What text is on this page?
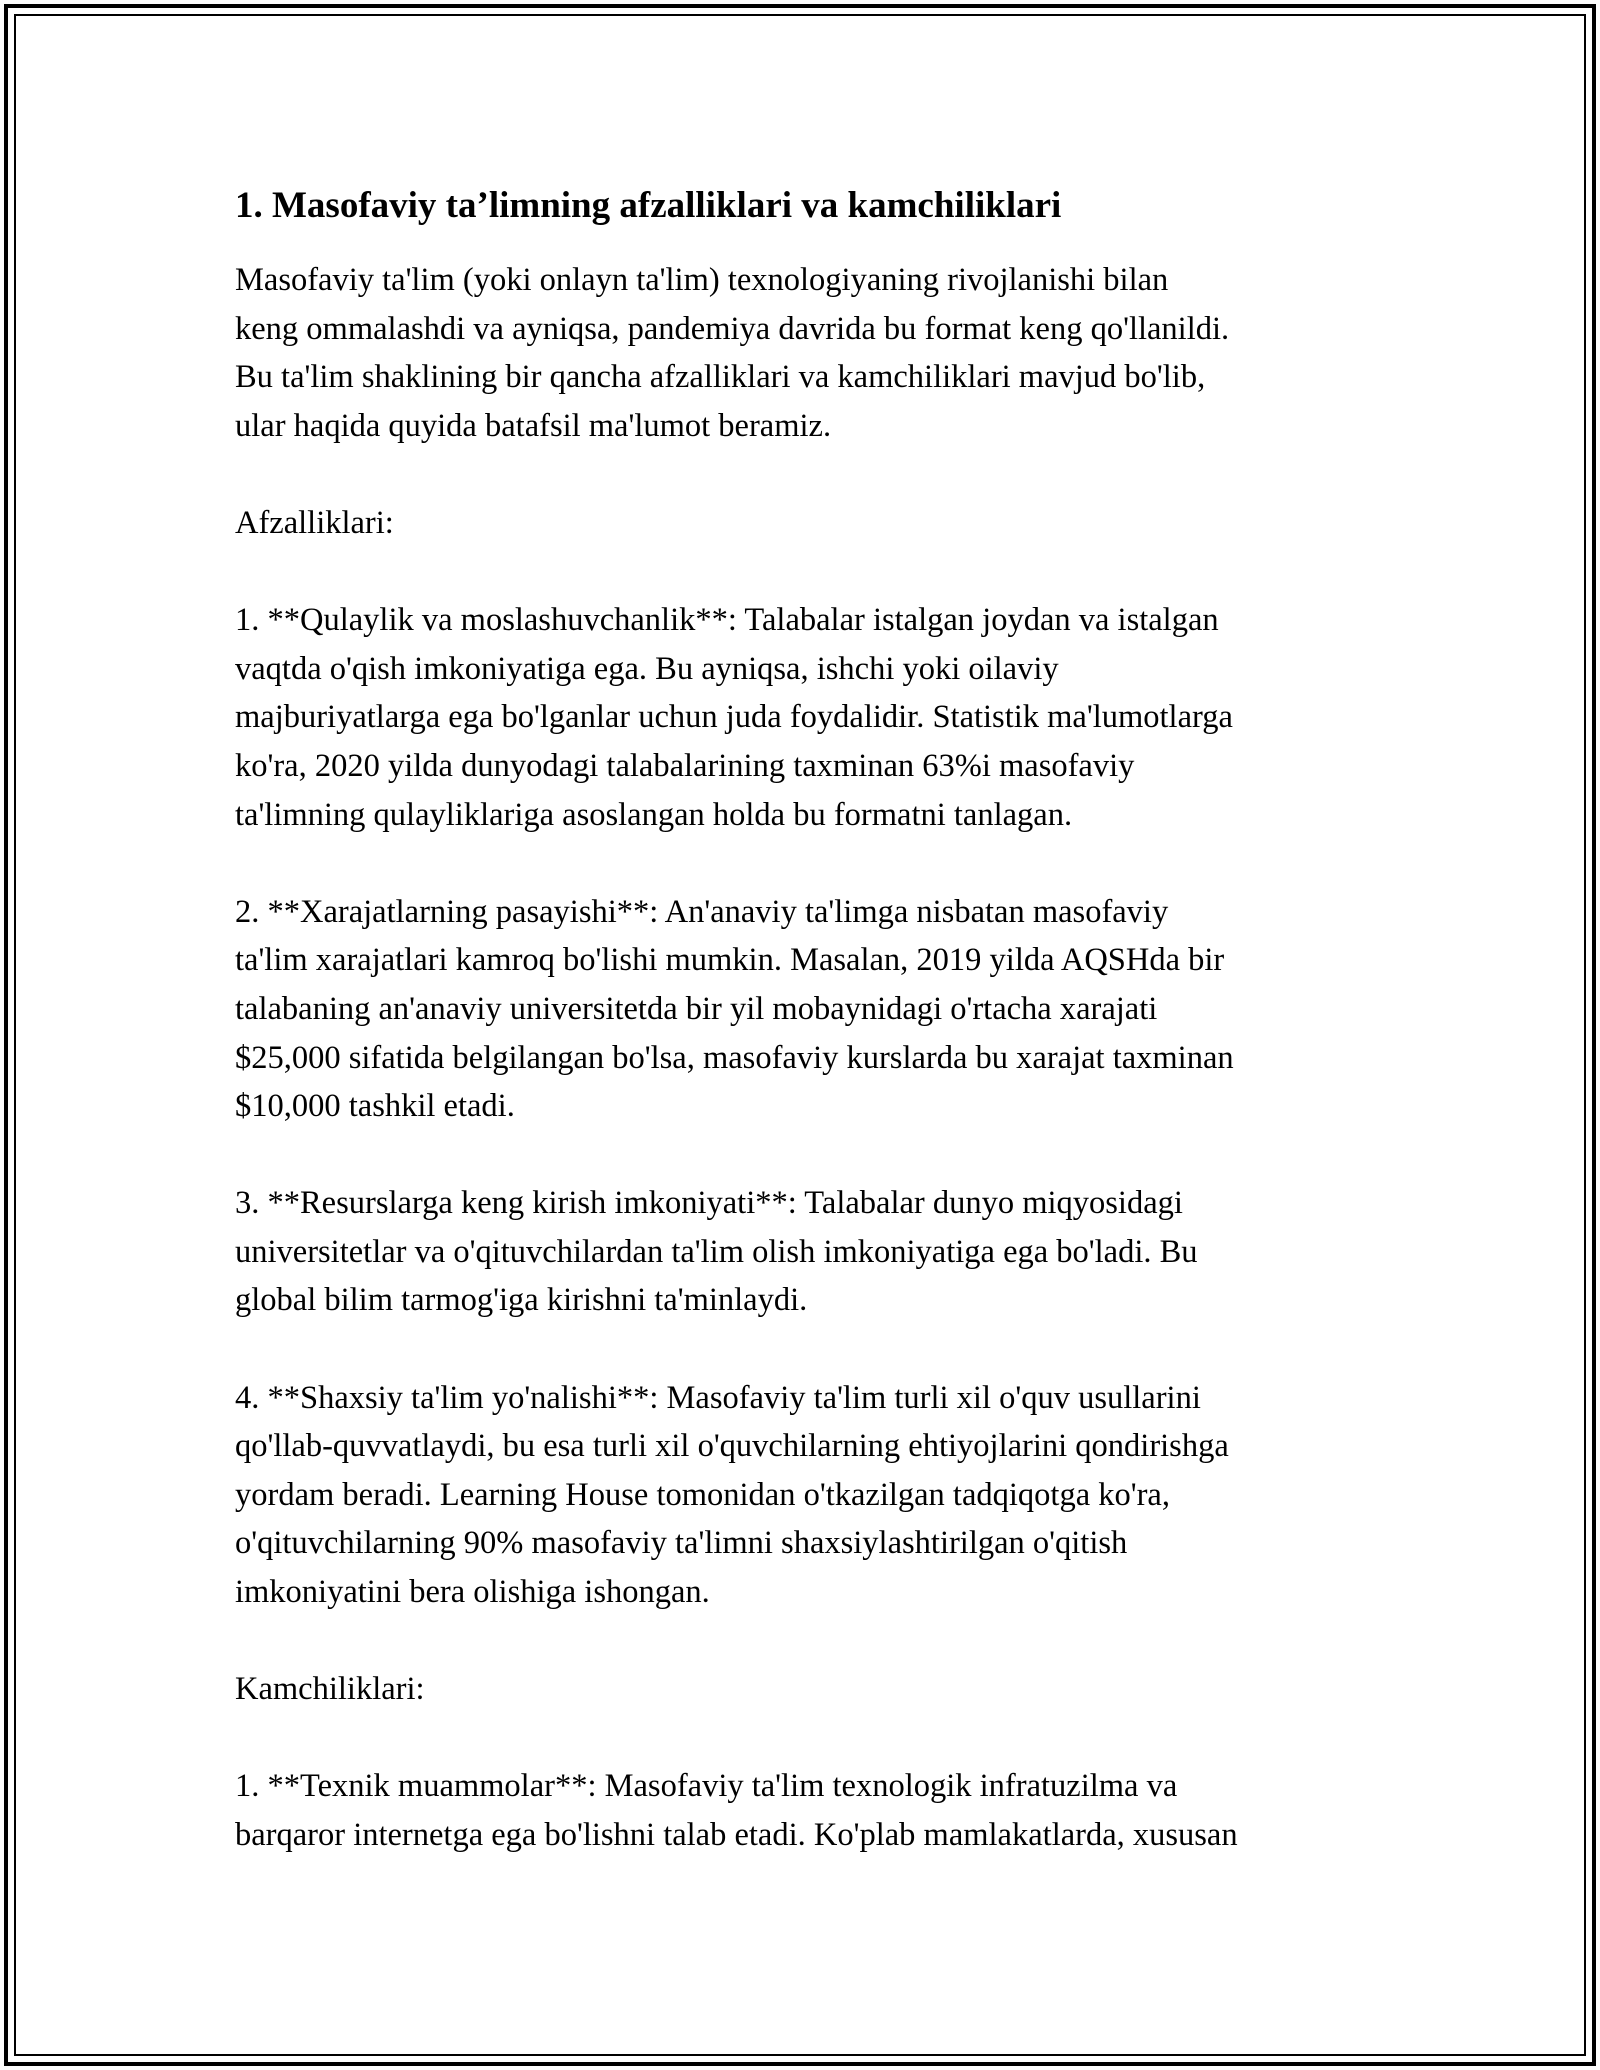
1. Masofaviy ta’limning afzalliklari va kamchiliklari

Masofaviy ta'lim (yoki onlayn ta'lim) texnologiyaning rivojlanishi bilan
keng ommalashdi va ayniqsa, pandemiya davrida bu format keng qo'llanildi.
Bu ta'lim shaklining bir qancha afzalliklari va kamchiliklari mavjud bo'lib,
ular haqida quyida batafsil ma'lumot beramiz.

Afzalliklari:

1. **Qulaylik va moslashuvchanlik**: Talabalar istalgan joydan va istalgan
vaqtda o'qish imkoniyatiga ega. Bu ayniqsa, ishchi yoki oilaviy
majburiyatlarga ega bo'lganlar uchun juda foydalidir. Statistik ma'lumotlarga
ko'ra, 2020 yilda dunyodagi talabalarining taxminan 63%i masofaviy
ta'limning qulayliklariga asoslangan holda bu formatni tanlagan.

2. **Xarajatlarning pasayishi**: An'anaviy ta'limga nisbatan masofaviy
ta'lim xarajatlari kamroq bo'lishi mumkin. Masalan, 2019 yilda AQSHda bir
talabaning an'anaviy universitetda bir yil mobaynidagi o'rtacha xarajati
$25,000 sifatida belgilangan bo'lsa, masofaviy kurslarda bu xarajat taxminan
$10,000 tashkil etadi.

3. **Resurslarga keng kirish imkoniyati**: Talabalar dunyo miqyosidagi
universitetlar va o'qituvchilardan ta'lim olish imkoniyatiga ega bo'ladi. Bu
global bilim tarmog'iga kirishni ta'minlaydi.

4. **Shaxsiy ta'lim yo'nalishi**: Masofaviy ta'lim turli xil o'quv usullarini
qo'llab-quvvatlaydi, bu esa turli xil o'quvchilarning ehtiyojlarini qondirishga
yordam beradi. Learning House tomonidan o'tkazilgan tadqiqotga ko'ra,
o'qituvchilarning 90% masofaviy ta'limni shaxsiylashtirilgan o'qitish
imkoniyatini bera olishiga ishongan.

Kamchiliklari:

1. **Texnik muammolar**: Masofaviy ta'lim texnologik infratuzilma va
barqaror internetga ega bo'lishni talab etadi. Ko'plab mamlakatlarda, xususan
